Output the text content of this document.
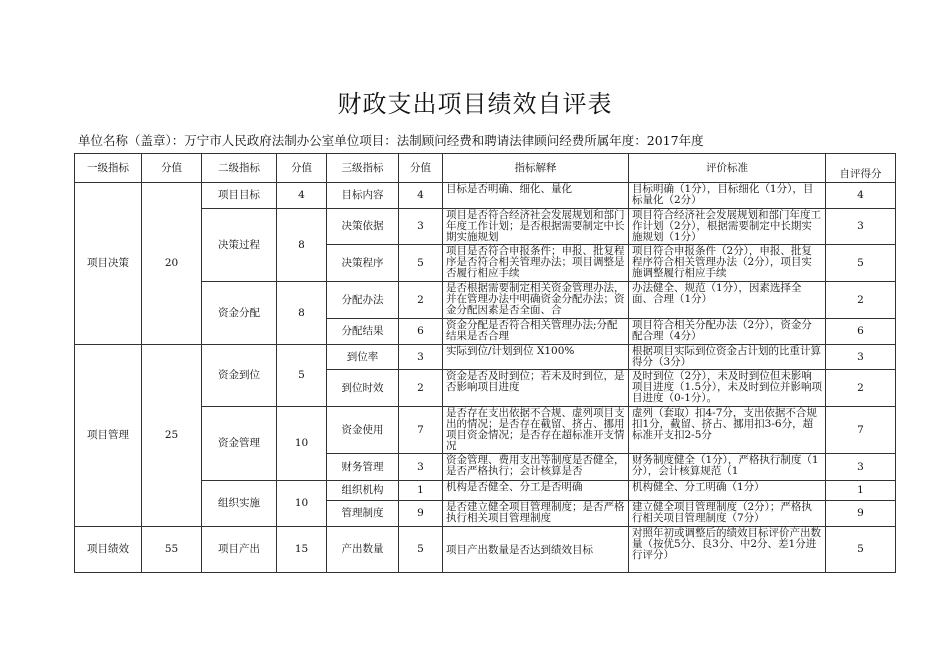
财政支出项目绩效自评表
单位名称（盖章）：万宁市人民政府法制办公室单位项目：法制顾问经费和聘请法律顾问经费所属年度：2017年度
一级指标	分值	二级指标	分值	三级指标	分值	指标解释	评价标准	自评得分
项目决策	20	项目目标	4	目标内容	4	目标是否明确、细化、量化	目标明确（1分），目标细化（1分），目标量化（2分）	4
		决策过程	8	决策依据	3	项目是否符合经济社会发展规划和部门年度工作计划；是否根据需要制定中长期实施规划	项目符合经济社会发展规划和部门年度工作计划（2分），根据需要制定中长期实施规划（1分）	3
				决策程序	5	项目是否符合申报条件；申报、批复程序是否符合相关管理办法；项目调整是否履行相应手续	项目符合申报条件（2分），申报、批复程序符合相关管理办法（2分），项目实施调整履行相应手续	5
		资金分配	8	分配办法	2	是否根据需要制定相关资金管理办法，并在管理办法中明确资金分配办法；资金分配因素是否全面、合	办法健全、规范（1分），因素选择全面、合理（1分）	2
				分配结果	6	资金分配是否符合相关管理办法;分配结果是否合理	项目符合相关分配办法（2分），资金分配合理（4分）	6
项目管理	25	资金到位	5	到位率	3	实际到位/计划到位 X100%	根据项目实际到位资金占计划的比重计算得分（3分）	3
				到位时效	2	资金是否及时到位；若未及时到位，是否影响项目进度	及时到位（2分），未及时到位但未影响项目进度（1.5分），未及时到位并影响项目进度（0-1分）。	2
		资金管理	10	资金使用	7	是否存在支出依据不合规、虚列项目支出的情况；是否存在截留、挤占、挪用项目资金情况；是否存在超标准开支情况	虚列（套取）扣4-7分，支出依据不合规扣1分，截留、挤占、挪用扣3-6分，超标准开支扣2-5分	7
				财务管理	3	资金管理、费用支出等制度是否健全，是否严格执行；会计核算是否	财务制度健全（1分），严格执行制度（1分），会计核算规范（1	3
		组织实施	10	组织机构	1	机构是否健全、分工是否明确	机构健全、分工明确（1分）	1
				管理制度	9	是否建立健全项目管理制度；是否严格执行相关项目管理制度	建立健全项目管理制度（2分）；严格执行相关项目管理制度（7分）	9
项目绩效	55	项目产出	15	产出数量	5	项目产出数量是否达到绩效目标	对照年初或调整后的绩效目标评价产出数量（按优5分、良3分、中2分、差1分进行评分）	5
